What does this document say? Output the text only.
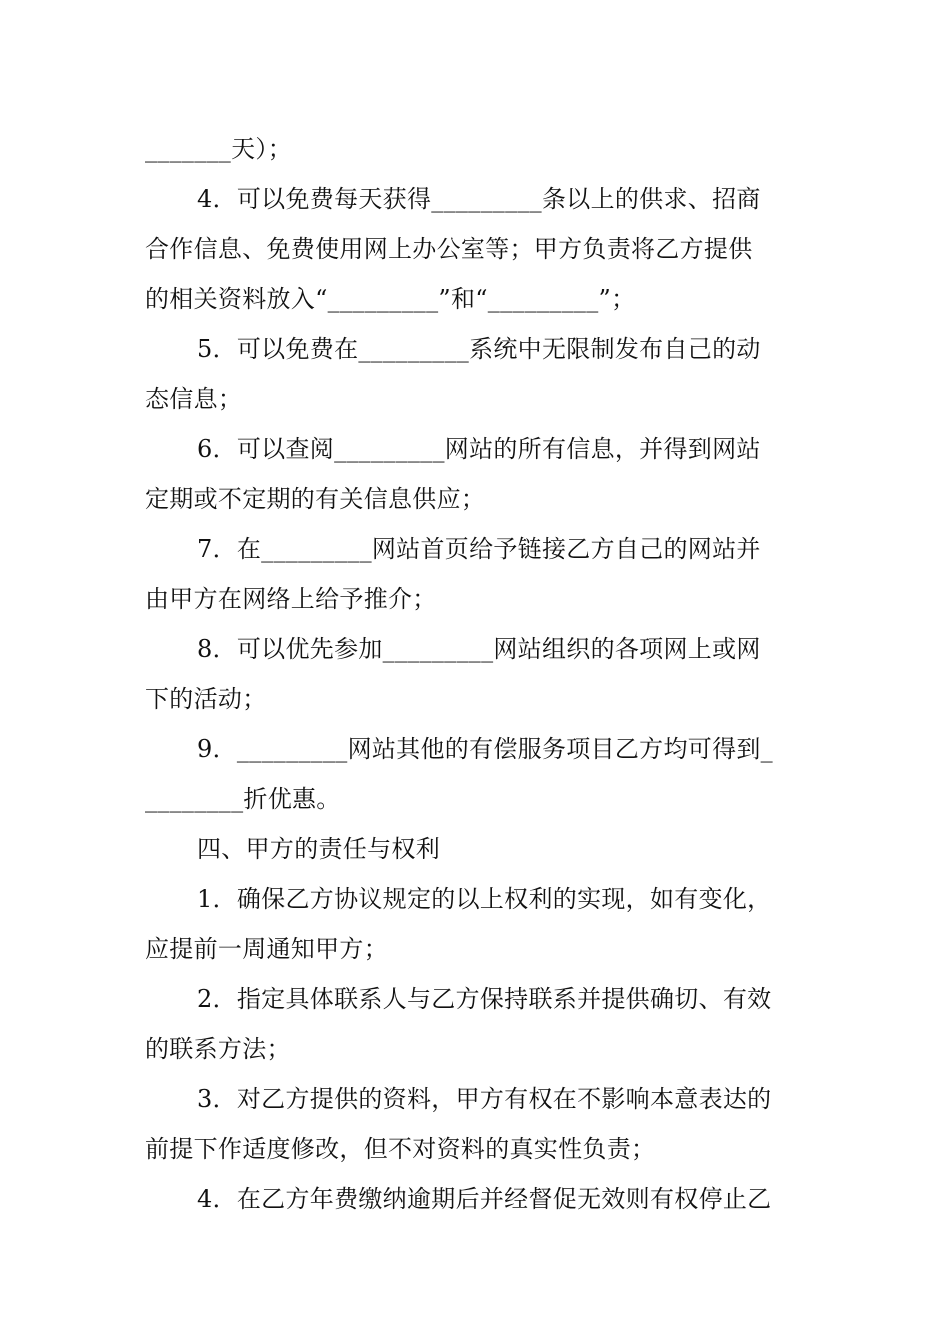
_______天）；
4．可以免费每天获得_________条以上的供求、招商
合作信息、免费使用网上办公室等；甲方负责将乙方提供
的相关资料放入“_________”和“_________”；
5．可以免费在_________系统中无限制发布自己的动
态信息；
6．可以查阅_________网站的所有信息，并得到网站
定期或不定期的有关信息供应；
7．在_________网站首页给予链接乙方自己的网站并
由甲方在网络上给予推介；
8．可以优先参加_________网站组织的各项网上或网
下的活动；
9．_________网站其他的有偿服务项目乙方均可得到_
________折优惠。
四、甲方的责任与权利
1．确保乙方协议规定的以上权利的实现，如有变化，
应提前一周通知甲方；
2．指定具体联系人与乙方保持联系并提供确切、有效
的联系方法；
3．对乙方提供的资料，甲方有权在不影响本意表达的
前提下作适度修改，但不对资料的真实性负责；
4．在乙方年费缴纳逾期后并经督促无效则有权停止乙
